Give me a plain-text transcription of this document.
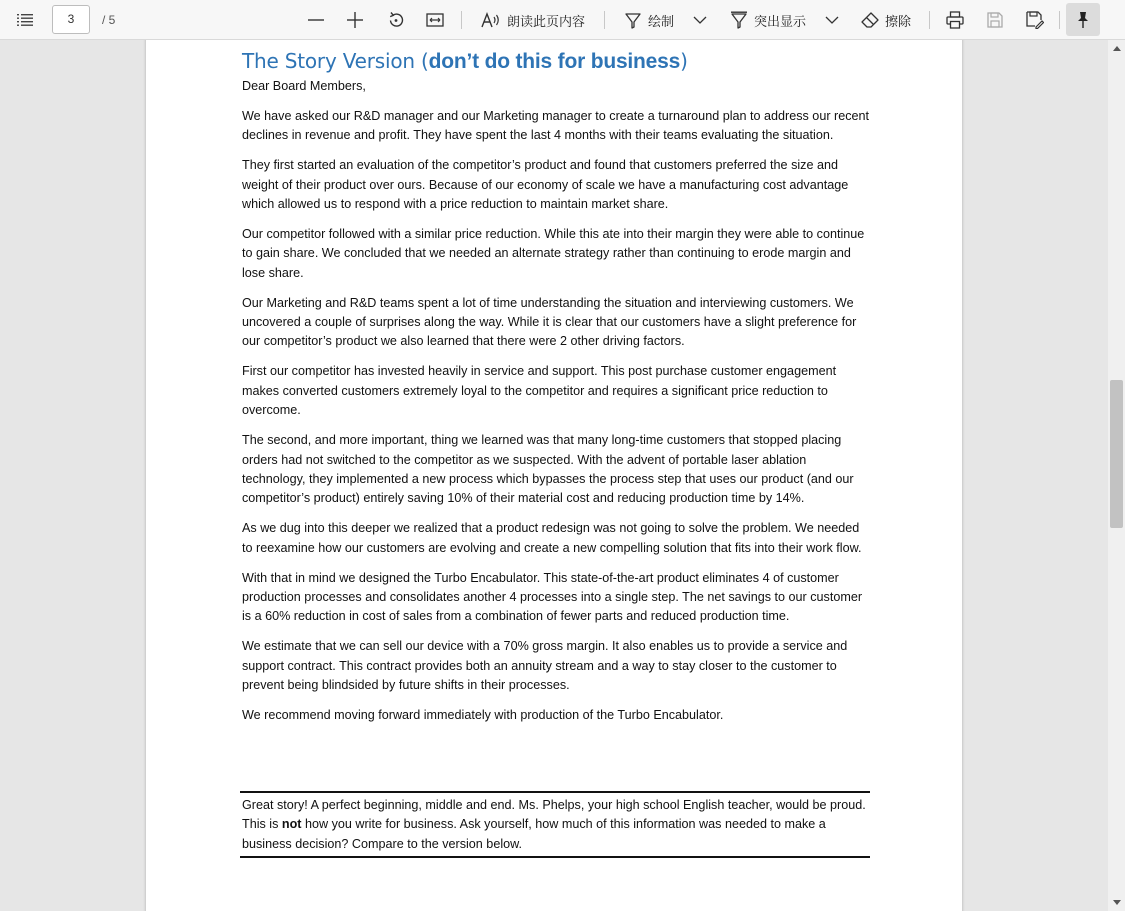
3	/ 5	朗读此页内容	绘制	突出显示	擦除
The Story Version (don’t do this for business)

Dear Board Members,

We have asked our R&D manager and our Marketing manager to create a turnaround plan to address our recent declines in revenue and profit. They have spent the last 4 months with their teams evaluating the situation.

They first started an evaluation of the competitor’s product and found that customers preferred the size and weight of their product over ours. Because of our economy of scale we have a manufacturing cost advantage which allowed us to respond with a price reduction to maintain market share.

Our competitor followed with a similar price reduction. While this ate into their margin they were able to continue to gain share. We concluded that we needed an alternate strategy rather than continuing to erode margin and lose share.

Our Marketing and R&D teams spent a lot of time understanding the situation and interviewing customers. We uncovered a couple of surprises along the way. While it is clear that our customers have a slight preference for our competitor’s product we also learned that there were 2 other driving factors.

First our competitor has invested heavily in service and support. This post purchase customer engagement makes converted customers extremely loyal to the competitor and requires a significant price reduction to overcome.

The second, and more important, thing we learned was that many long-time customers that stopped placing orders had not switched to the competitor as we suspected. With the advent of portable laser ablation technology, they implemented a new process which bypasses the process step that uses our product (and our competitor’s product) entirely saving 10% of their material cost and reducing production time by 14%.

As we dug into this deeper we realized that a product redesign was not going to solve the problem. We needed to reexamine how our customers are evolving and create a new compelling solution that fits into their work flow.

With that in mind we designed the Turbo Encabulator. This state-of-the-art product eliminates 4 of customer production processes and consolidates another 4 processes into a single step. The net savings to our customer is a 60% reduction in cost of sales from a combination of fewer parts and reduced production time.

We estimate that we can sell our device with a 70% gross margin. It also enables us to provide a service and support contract. This contract provides both an annuity stream and a way to stay closer to the customer to prevent being blindsided by future shifts in their processes.

We recommend moving forward immediately with production of the Turbo Encabulator.

Great story! A perfect beginning, middle and end. Ms. Phelps, your high school English teacher, would be proud. This is not how you write for business. Ask yourself, how much of this information was needed to make a business decision? Compare to the version below.
